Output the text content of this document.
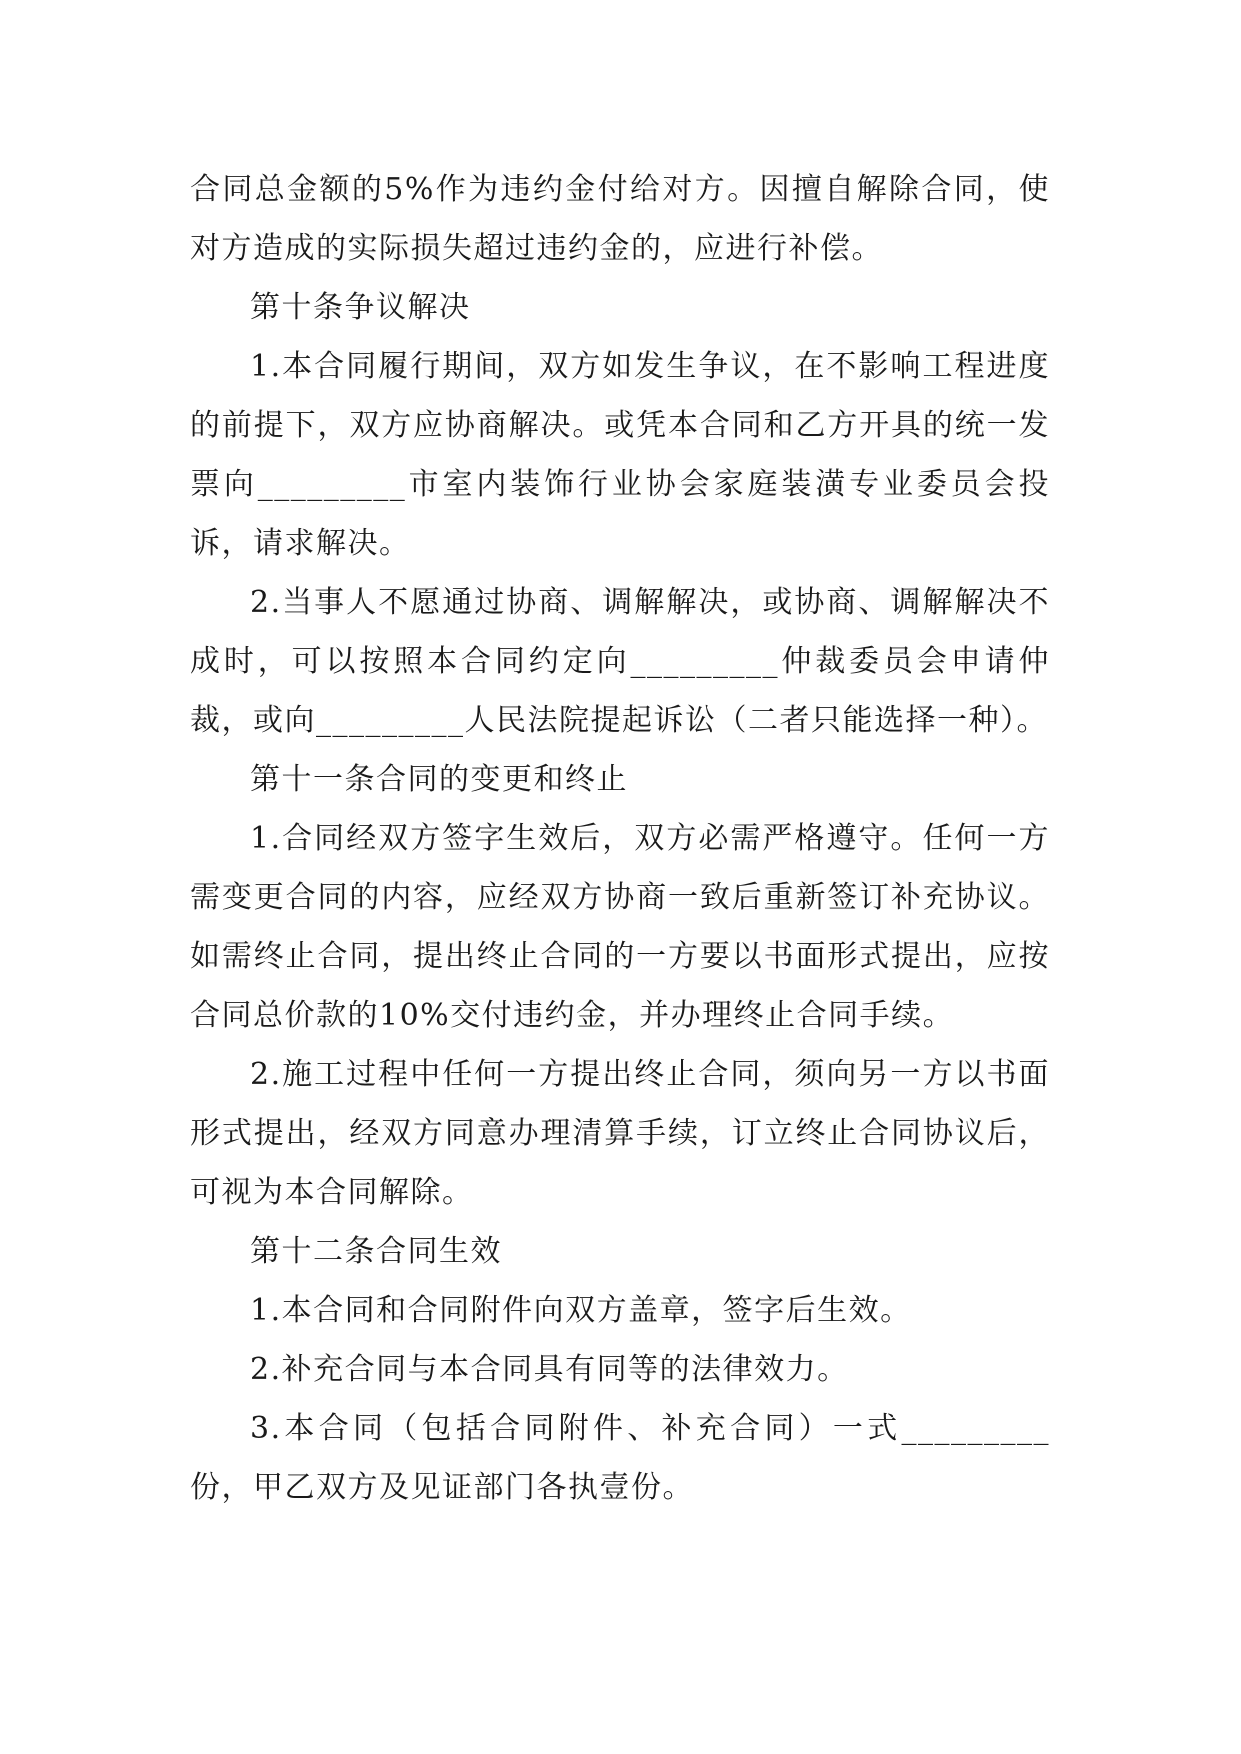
合同总金额的5%作为违约金付给对方。因擅自解除合同，使对方造成的实际损失超过违约金的，应进行补偿。

第十条争议解决

1.本合同履行期间，双方如发生争议，在不影响工程进度的前提下，双方应协商解决。或凭本合同和乙方开具的统一发票向_________市室内装饰行业协会家庭装潢专业委员会投诉，请求解决。

2.当事人不愿通过协商、调解解决，或协商、调解解决不成时，可以按照本合同约定向_________仲裁委员会申请仲裁，或向_________人民法院提起诉讼（二者只能选择一种）。

第十一条合同的变更和终止

1.合同经双方签字生效后，双方必需严格遵守。任何一方需变更合同的内容，应经双方协商一致后重新签订补充协议。如需终止合同，提出终止合同的一方要以书面形式提出，应按合同总价款的10%交付违约金，并办理终止合同手续。

2.施工过程中任何一方提出终止合同，须向另一方以书面形式提出，经双方同意办理清算手续，订立终止合同协议后，可视为本合同解除。

第十二条合同生效

1.本合同和合同附件向双方盖章，签字后生效。

2.补充合同与本合同具有同等的法律效力。

3.本合同（包括合同附件、补充合同）一式_________份，甲乙双方及见证部门各执壹份。
